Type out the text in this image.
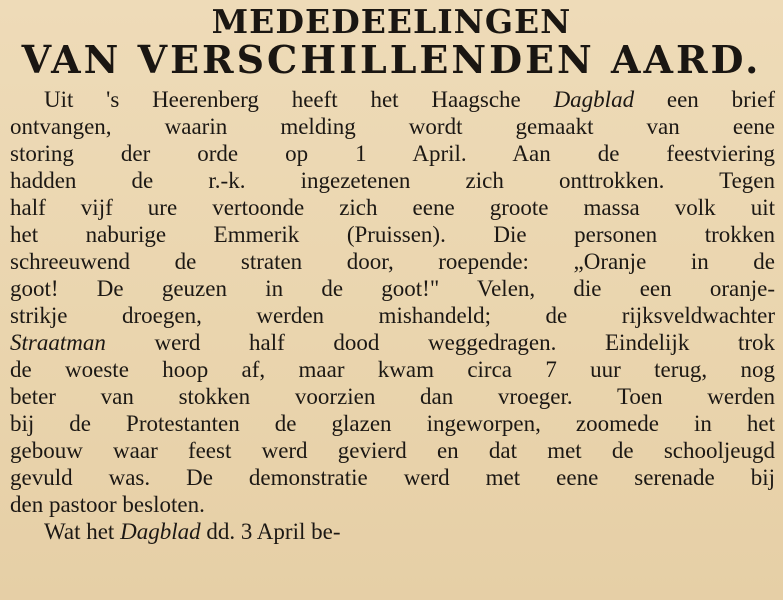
MEDEDEELINGEN
VAN VERSCHILLENDEN AARD.
Uit 's Heerenberg heeft het Haagsche Dagblad een brief
ontvangen, waarin melding wordt gemaakt van eene
storing der orde op 1 April. Aan de feestviering
hadden de r.-k. ingezetenen zich onttrokken. Tegen
half vijf ure vertoonde zich eene groote massa volk uit
het naburige Emmerik (Pruissen). Die personen trokken
schreeuwend de straten door, roepende: „Oranje in de
goot! De geuzen in de goot!" Velen, die een oranje-
strikje droegen, werden mishandeld; de rijksveldwachter
Straatman werd half dood weggedragen. Eindelijk trok
de woeste hoop af, maar kwam circa 7 uur terug, nog
beter van stokken voorzien dan vroeger. Toen werden
bij de Protestanten de glazen ingeworpen, zoomede in het
gebouw waar feest werd gevierd en dat met de schooljeugd
gevuld was. De demonstratie werd met eene serenade bij
den pastoor besloten.
Wat het Dagblad dd. 3 April be-
